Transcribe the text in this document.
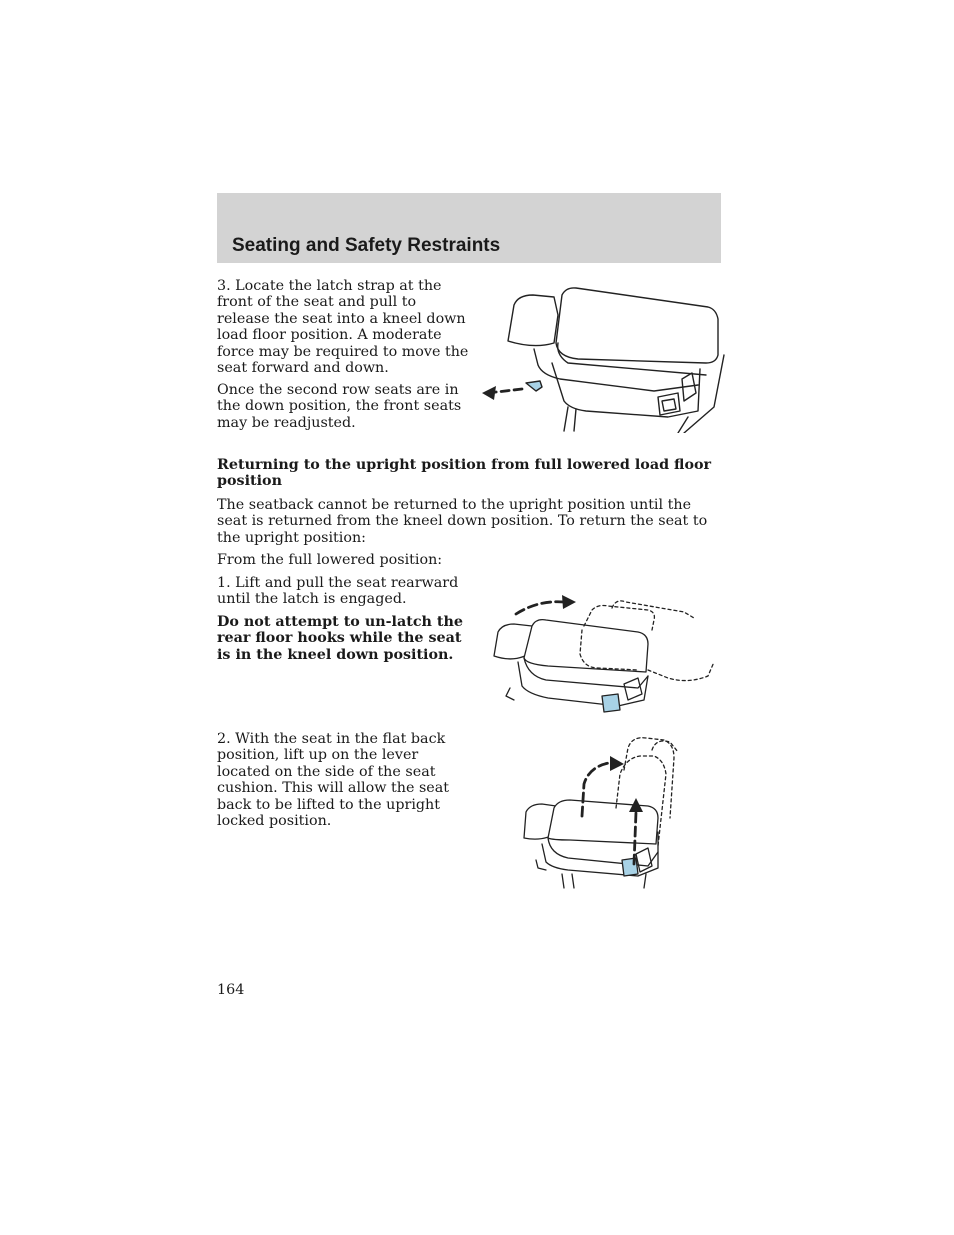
Seating and Safety Restraints

3. Locate the latch strap at the front of the seat and pull to release the seat into a kneel down load floor position. A moderate force may be required to move the seat forward and down.

Once the second row seats are in the down position, the front seats may be readjusted.

Returning to the upright position from full lowered load floor position

The seatback cannot be returned to the upright position until the seat is returned from the kneel down position. To return the seat to the upright position:

From the full lowered position:

1. Lift and pull the seat rearward until the latch is engaged.

Do not attempt to un-latch the rear floor hooks while the seat is in the kneel down position.

2. With the seat in the flat back position, lift up on the lever located on the side of the seat cushion. This will allow the seat back to be lifted to the upright locked position.

164
